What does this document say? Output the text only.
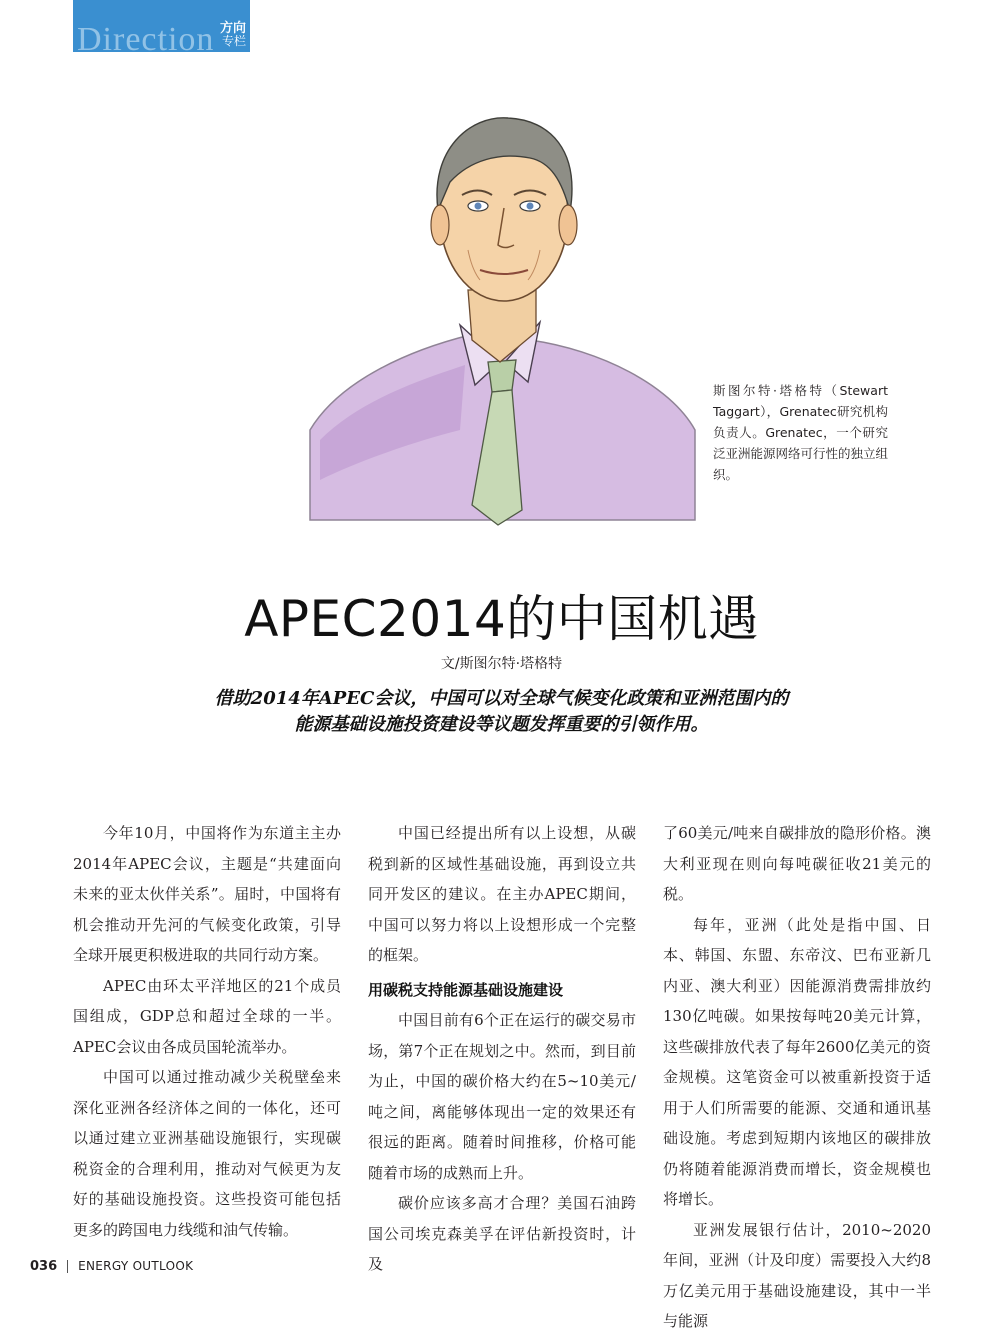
Direction 方向
专栏
斯图尔特·塔格特（Stewart Taggart），Grenatec研究机构负责人。Grenatec，一个研究泛亚洲能源网络可行性的独立组织。
APEC2014的中国机遇
文/斯图尔特·塔格特
借助2014年APEC会议，中国可以对全球气候变化政策和亚洲范围内的
能源基础设施投资建设等议题发挥重要的引领作用。

今年10月，中国将作为东道主主办2014年APEC会议，主题是“共建面向未来的亚太伙伴关系”。届时，中国将有机会推动开先河的气候变化政策，引导全球开展更积极进取的共同行动方案。

APEC由环太平洋地区的21个成员国组成，GDP总和超过全球的一半。APEC会议由各成员国轮流举办。

中国可以通过推动减少关税壁垒来深化亚洲各经济体之间的一体化，还可以通过建立亚洲基础设施银行，实现碳税资金的合理利用，推动对气候更为友好的基础设施投资。这些投资可能包括更多的跨国电力线缆和油气传输。

中国已经提出所有以上设想，从碳税到新的区域性基础设施，再到设立共同开发区的建议。在主办APEC期间，中国可以努力将以上设想形成一个完整的框架。

用碳税支持能源基础设施建设

中国目前有6个正在运行的碳交易市场，第7个正在规划之中。然而，到目前为止，中国的碳价格大约在5~10美元/吨之间，离能够体现出一定的效果还有很远的距离。随着时间推移，价格可能随着市场的成熟而上升。

碳价应该多高才合理？美国石油跨国公司埃克森美孚在评估新投资时，计及

了60美元/吨来自碳排放的隐形价格。澳大利亚现在则向每吨碳征收21美元的税。

每年，亚洲（此处是指中国、日本、韩国、东盟、东帝汶、巴布亚新几内亚、澳大利亚）因能源消费需排放约130亿吨碳。如果按每吨20美元计算，这些碳排放代表了每年2600亿美元的资金规模。这笔资金可以被重新投资于适用于人们所需要的能源、交通和通讯基础设施。考虑到短期内该地区的碳排放仍将随着能源消费而增长，资金规模也将增长。

亚洲发展银行估计，2010~2020年间，亚洲（计及印度）需要投入大约8万亿美元用于基础设施建设，其中一半与能源

036 ENERGY OUTLOOK
